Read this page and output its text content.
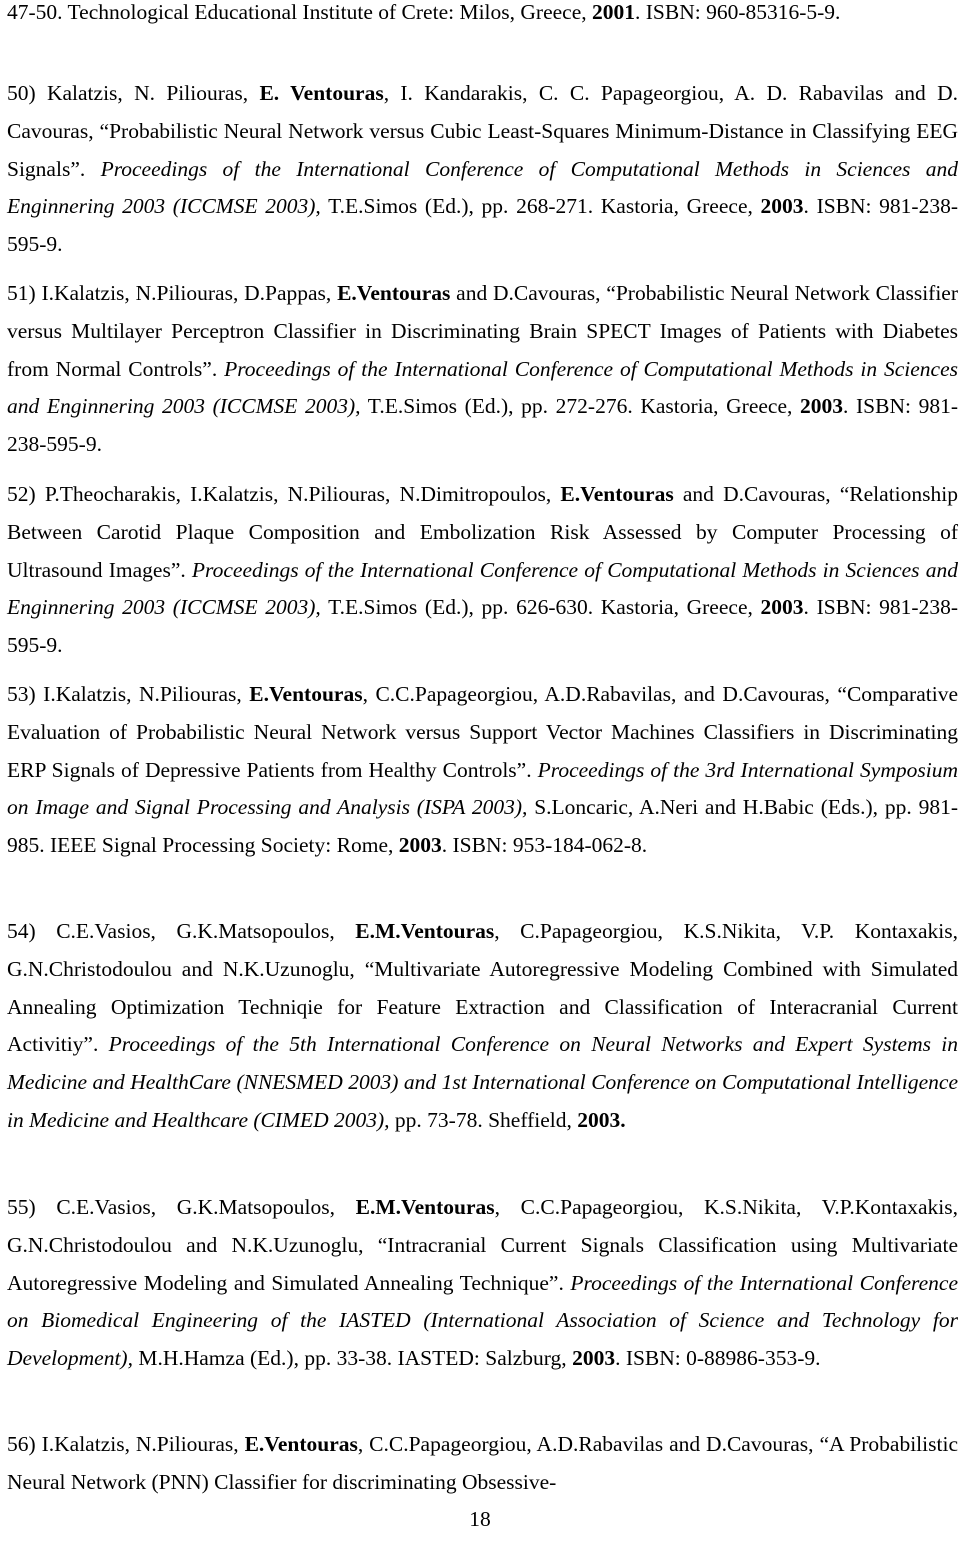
47-50. Technological Educational Institute of Crete: Milos, Greece, 2001. ISBN: 960-85316-5-9.

50) Kalatzis, N. Piliouras, E. Ventouras, I. Kandarakis, C. C. Papageorgiou, A. D. Rabavilas and D. Cavouras, “Probabilistic Neural Network versus Cubic Least-Squares Minimum-Distance in Classifying EEG Signals”. Proceedings of the International Conference of Computational Methods in Sciences and Enginnering 2003 (ICCMSE 2003), T.E.Simos (Ed.), pp. 268-271. Kastoria, Greece, 2003. ISBN: 981-238-595-9.

51) I.Kalatzis, N.Piliouras, D.Pappas, E.Ventouras and D.Cavouras, “Probabilistic Neural Network Classifier versus Multilayer Perceptron Classifier in Discriminating Brain SPECT Images of Patients with Diabetes from Normal Controls”. Proceedings of the International Conference of Computational Methods in Sciences and Enginnering 2003 (ICCMSE 2003), T.E.Simos (Ed.), pp. 272-276. Kastoria, Greece, 2003. ISBN: 981-238-595-9.

52) P.Theocharakis, I.Kalatzis, N.Piliouras, N.Dimitropoulos, E.Ventouras and D.Cavouras, “Relationship Between Carotid Plaque Composition and Embolization Risk Assessed by Computer Processing of Ultrasound Images”. Proceedings of the International Conference of Computational Methods in Sciences and Enginnering 2003 (ICCMSE 2003), T.E.Simos (Ed.), pp. 626-630. Kastoria, Greece, 2003. ISBN: 981-238-595-9.

53) I.Kalatzis, N.Piliouras, E.Ventouras, C.C.Papageorgiou, A.D.Rabavilas, and D.Cavouras, “Comparative Evaluation of Probabilistic Neural Network versus Support Vector Machines Classifiers in Discriminating ERP Signals of Depressive Patients from Healthy Controls”. Proceedings of the 3rd International Symposium on Image and Signal Processing and Analysis (ISPA 2003), S.Loncaric, A.Neri and H.Babic (Eds.), pp. 981-985. IEEE Signal Processing Society: Rome, 2003. ISBN: 953-184-062-8.

54) C.E.Vasios, G.K.Matsopoulos, E.M.Ventouras, C.Papageorgiou, K.S.Nikita, V.P. Kontaxakis, G.N.Christodoulou and N.K.Uzunoglu, “Multivariate Autoregressive Modeling Combined with Simulated Annealing Optimization Techniqie for Feature Extraction and Classification of Interacranial Current Activitiy”. Proceedings of the 5th International Conference on Neural Networks and Expert Systems in Medicine and HealthCare (NNESMED 2003) and 1st International Conference on Computational Intelligence in Medicine and Healthcare (CIMED 2003), pp. 73-78. Sheffield, 2003.

55) C.E.Vasios, G.K.Matsopoulos, E.M.Ventouras, C.C.Papageorgiou, K.S.Nikita, V.P.Kontaxakis, G.N.Christodoulou and N.K.Uzunoglu, “Intracranial Current Signals Classification using Multivariate Autoregressive Modeling and Simulated Annealing Technique”. Proceedings of the International Conference on Biomedical Engineering of the IASTED (International Association of Science and Technology for Development), M.H.Hamza (Ed.), pp. 33-38. IASTED: Salzburg, 2003. ISBN: 0-88986-353-9.

56) I.Kalatzis, N.Piliouras, E.Ventouras, C.C.Papageorgiou, A.D.Rabavilas and D.Cavouras, “A Probabilistic Neural Network (PNN) Classifier for discriminating Obsessive-

18
